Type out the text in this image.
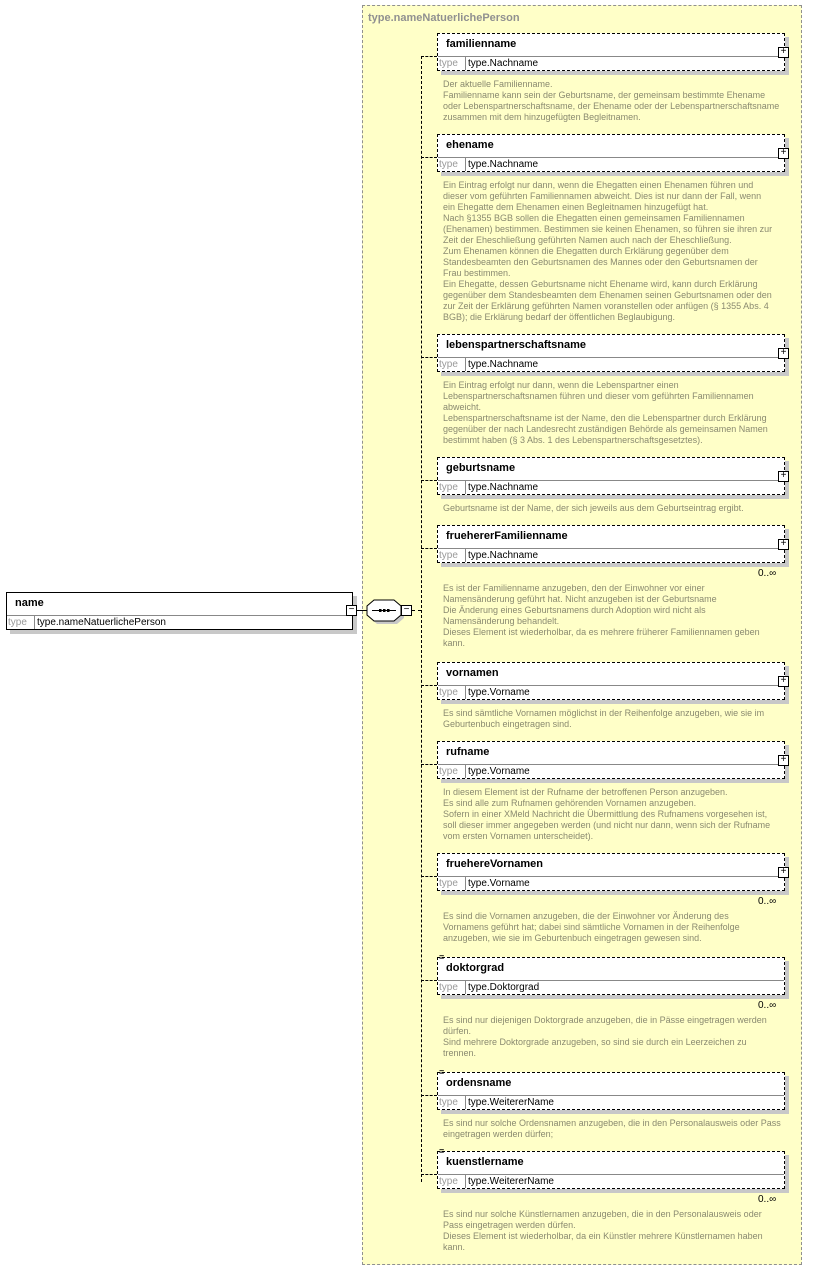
type.nameNatuerlichePerson
name
type type.nameNatuerlichePerson
−	−
familienname
type type.Nachname
+
Der aktuelle Familienname.
Familienname kann sein der Geburtsname, der gemeinsam bestimmte Ehename
oder Lebenspartnerschaftsname, der Ehename oder der Lebenspartnerschaftsname
zusammen mit dem hinzugefügten Begleitnamen.
ehename
type type.Nachname
+
Ein Eintrag erfolgt nur dann, wenn die Ehegatten einen Ehenamen führen und
dieser vom geführten Familiennamen abweicht. Dies ist nur dann der Fall, wenn
ein Ehegatte dem Ehenamen einen Begleitnamen hinzugefügt hat.
Nach §1355 BGB sollen die Ehegatten einen gemeinsamen Familiennamen
(Ehenamen) bestimmen. Bestimmen sie keinen Ehenamen, so führen sie ihren zur
Zeit der Eheschließung geführten Namen auch nach der Eheschließung.
Zum Ehenamen können die Ehegatten durch Erklärung gegenüber dem
Standesbeamten den Geburtsnamen des Mannes oder den Geburtsnamen der
Frau bestimmen.
Ein Ehegatte, dessen Geburtsname nicht Ehename wird, kann durch Erklärung
gegenüber dem Standesbeamten dem Ehenamen seinen Geburtsnamen oder den
zur Zeit der Erklärung geführten Namen voranstellen oder anfügen (§ 1355 Abs. 4
BGB); die Erklärung bedarf der öffentlichen Beglaubigung.
lebenspartnerschaftsname
type type.Nachname
+
Ein Eintrag erfolgt nur dann, wenn die Lebenspartner einen
Lebenspartnerschaftsnamen führen und dieser vom geführten Familiennamen
abweicht.
Lebenspartnerschaftsname ist der Name, den die Lebenspartner durch Erklärung
gegenüber der nach Landesrecht zuständigen Behörde als gemeinsamen Namen
bestimmt haben (§ 3 Abs. 1 des Lebenspartnerschaftsgesetztes).
geburtsname
type type.Nachname
+
Geburtsname ist der Name, der sich jeweils aus dem Geburtseintrag ergibt.
fruehererFamilienname
type type.Nachname
+
0..∞
Es ist der Familienname anzugeben, den der Einwohner vor einer
Namensänderung geführt hat. Nicht anzugeben ist der Geburtsname
Die Änderung eines Geburtsnamens durch Adoption wird nicht als
Namensänderung behandelt.
Dieses Element ist wiederholbar, da es mehrere früherer Familiennamen geben
kann.
vornamen
type type.Vorname
+
Es sind sämtliche Vornamen möglichst in der Reihenfolge anzugeben, wie sie im
Geburtenbuch eingetragen sind.
rufname
type type.Vorname
+
In diesem Element ist der Rufname der betroffenen Person anzugeben.
Es sind alle zum Rufnamen gehörenden Vornamen anzugeben.
Sofern in einer XMeld Nachricht die Übermittlung des Rufnamens vorgesehen ist,
soll dieser immer angegeben werden (und nicht nur dann, wenn sich der Rufname
vom ersten Vornamen unterscheidet).
fruehereVornamen
type type.Vorname
+
0..∞
Es sind die Vornamen anzugeben, die der Einwohner vor Änderung des
Vornamens geführt hat; dabei sind sämtliche Vornamen in der Reihenfolge
anzugeben, wie sie im Geburtenbuch eingetragen gewesen sind.
≡
doktorgrad
type type.Doktorgrad
0..∞
Es sind nur diejenigen Doktorgrade anzugeben, die in Pässe eingetragen werden
dürfen.
Sind mehrere Doktorgrade anzugeben, so sind sie durch ein Leerzeichen zu
trennen.
≡
ordensname
type type.WeitererName
Es sind nur solche Ordensnamen anzugeben, die in den Personalausweis oder Pass
eingetragen werden dürfen;
≡
kuenstlername
type type.WeitererName
0..∞
Es sind nur solche Künstlernamen anzugeben, die in den Personalausweis oder
Pass eingetragen werden dürfen.
Dieses Element ist wiederholbar, da ein Künstler mehrere Künstlernamen haben
kann.
